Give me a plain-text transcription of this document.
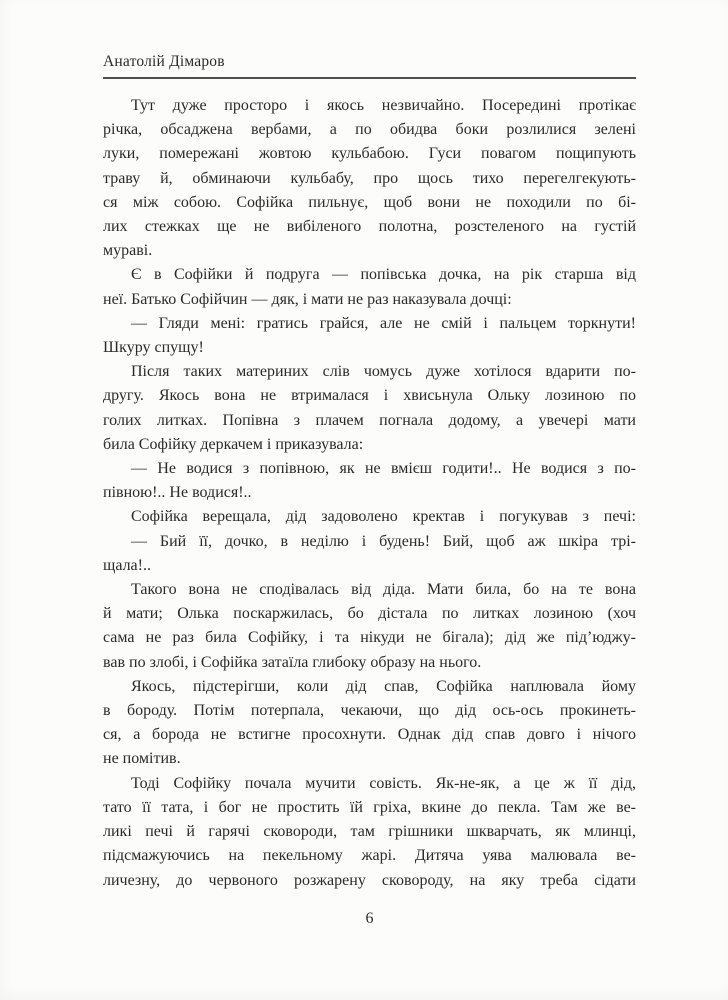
Анатолій Дімаров
Тут дуже просторо і якось незвичайно. Посередині протікає
річка, обсаджена вербами, а по обидва боки розлилися зелені
луки, помережані жовтою кульбабою. Гуси повагом пощипують
траву й, обминаючи кульбабу, про щось тихо перегелгекують-
ся між собою. Софійка пильнує, щоб вони не походили по бі-
лих стежках ще не вибіленого полотна, розстеленого на густій
мураві.
Є в Софійки й подруга — попівська дочка, на рік старша від
неї. Батько Софійчин — дяк, і мати не раз наказувала дочці:
— Гляди мені: гратись грайся, але не смій і пальцем торкнути!
Шкуру спущу!
Після таких материних слів чомусь дуже хотілося вдарити по-
другу. Якось вона не втрималася і хвисьнула Ольку лозиною по
голих литках. Попівна з плачем погнала додому, а увечері мати
била Софійку деркачем і приказувала:
— Не водися з попівною, як не вмієш годити!.. Не водися з по-
півною!.. Не водися!..
Софійка верещала, дід задоволено кректав і погукував з печі:
— Бий її, дочко, в неділю і будень! Бий, щоб аж шкіра трі-
щала!..
Такого вона не сподівалась від діда. Мати била, бо на те вона
й мати; Олька поскаржилась, бо дістала по литках лозиною (хоч
сама не раз била Софійку, і та нікуди не бігала); дід же під’юджу-
вав по злобі, і Софійка затаїла глибоку образу на нього.
Якось, підстерігши, коли дід спав, Софійка наплювала йому
в бороду. Потім потерпала, чекаючи, що дід ось-ось прокинеть-
ся, а борода не встигне просохнути. Однак дід спав довго і нічого
не помітив.
Тоді Софійку почала мучити совість. Як-не-як, а це ж її дід,
тато її тата, і бог не простить їй гріха, вкине до пекла. Там же ве-
ликі печі й гарячі сковороди, там грішники шкварчать, як млинці,
підсмажуючись на пекельному жарі. Дитяча уява малювала ве-
личезну, до червоного розжарену сковороду, на яку треба сідати
6
